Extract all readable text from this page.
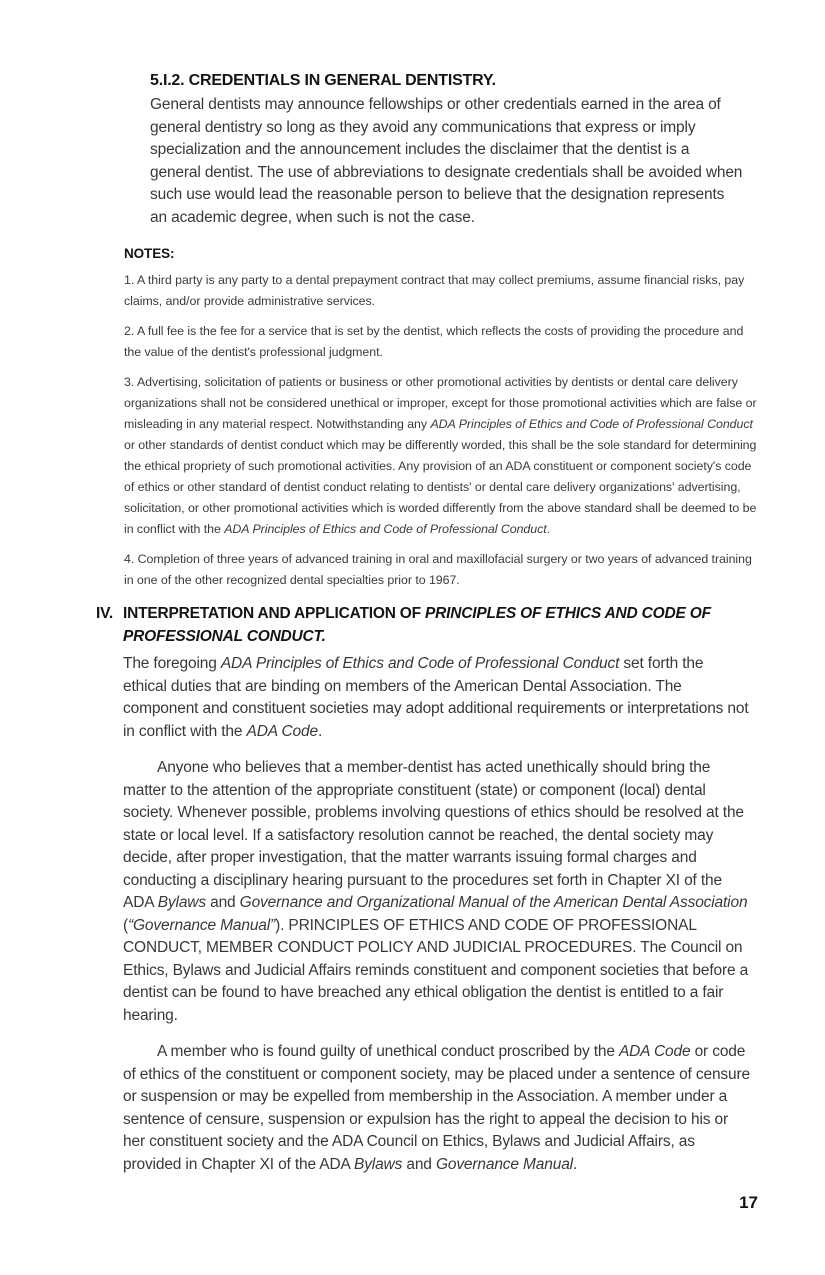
5.I.2. CREDENTIALS IN GENERAL DENTISTRY.

General dentists may announce fellowships or other credentials earned in the area of general dentistry so long as they avoid any communications that express or imply specialization and the announcement includes the disclaimer that the dentist is a general dentist. The use of abbreviations to designate credentials shall be avoided when such use would lead the reasonable person to believe that the designation represents an academic degree, when such is not the case.

NOTES:

1. A third party is any party to a dental prepayment contract that may collect premiums, assume financial risks, pay claims, and/or provide administrative services.

2. A full fee is the fee for a service that is set by the dentist, which reflects the costs of providing the procedure and the value of the dentist's professional judgment.

3. Advertising, solicitation of patients or business or other promotional activities by dentists or dental care delivery organizations shall not be considered unethical or improper, except for those promotional activities which are false or misleading in any material respect. Notwithstanding any ADA Principles of Ethics and Code of Professional Conduct or other standards of dentist conduct which may be differently worded, this shall be the sole standard for determining the ethical propriety of such promotional activities. Any provision of an ADA constituent or component society's code of ethics or other standard of dentist conduct relating to dentists' or dental care delivery organizations' advertising, solicitation, or other promotional activities which is worded differently from the above standard shall be deemed to be in conflict with the ADA Principles of Ethics and Code of Professional Conduct.

4. Completion of three years of advanced training in oral and maxillofacial surgery or two years of advanced training in one of the other recognized dental specialties prior to 1967.

IV. INTERPRETATION AND APPLICATION OF PRINCIPLES OF ETHICS AND CODE OF PROFESSIONAL CONDUCT.

The foregoing ADA Principles of Ethics and Code of Professional Conduct set forth the ethical duties that are binding on members of the American Dental Association. The component and constituent societies may adopt additional requirements or interpretations not in conflict with the ADA Code.

Anyone who believes that a member-dentist has acted unethically should bring the matter to the attention of the appropriate constituent (state) or component (local) dental society. Whenever possible, problems involving questions of ethics should be resolved at the state or local level. If a satisfactory resolution cannot be reached, the dental society may decide, after proper investigation, that the matter warrants issuing formal charges and conducting a disciplinary hearing pursuant to the procedures set forth in Chapter XI of the ADA Bylaws and Governance and Organizational Manual of the American Dental Association (“Governance Manual”). PRINCIPLES OF ETHICS AND CODE OF PROFESSIONAL CONDUCT, MEMBER CONDUCT POLICY AND JUDICIAL PROCEDURES. The Council on Ethics, Bylaws and Judicial Affairs reminds constituent and component societies that before a dentist can be found to have breached any ethical obligation the dentist is entitled to a fair hearing.

A member who is found guilty of unethical conduct proscribed by the ADA Code or code of ethics of the constituent or component society, may be placed under a sentence of censure or suspension or may be expelled from membership in the Association. A member under a sentence of censure, suspension or expulsion has the right to appeal the decision to his or her constituent society and the ADA Council on Ethics, Bylaws and Judicial Affairs, as provided in Chapter XI of the ADA Bylaws and Governance Manual.

17
